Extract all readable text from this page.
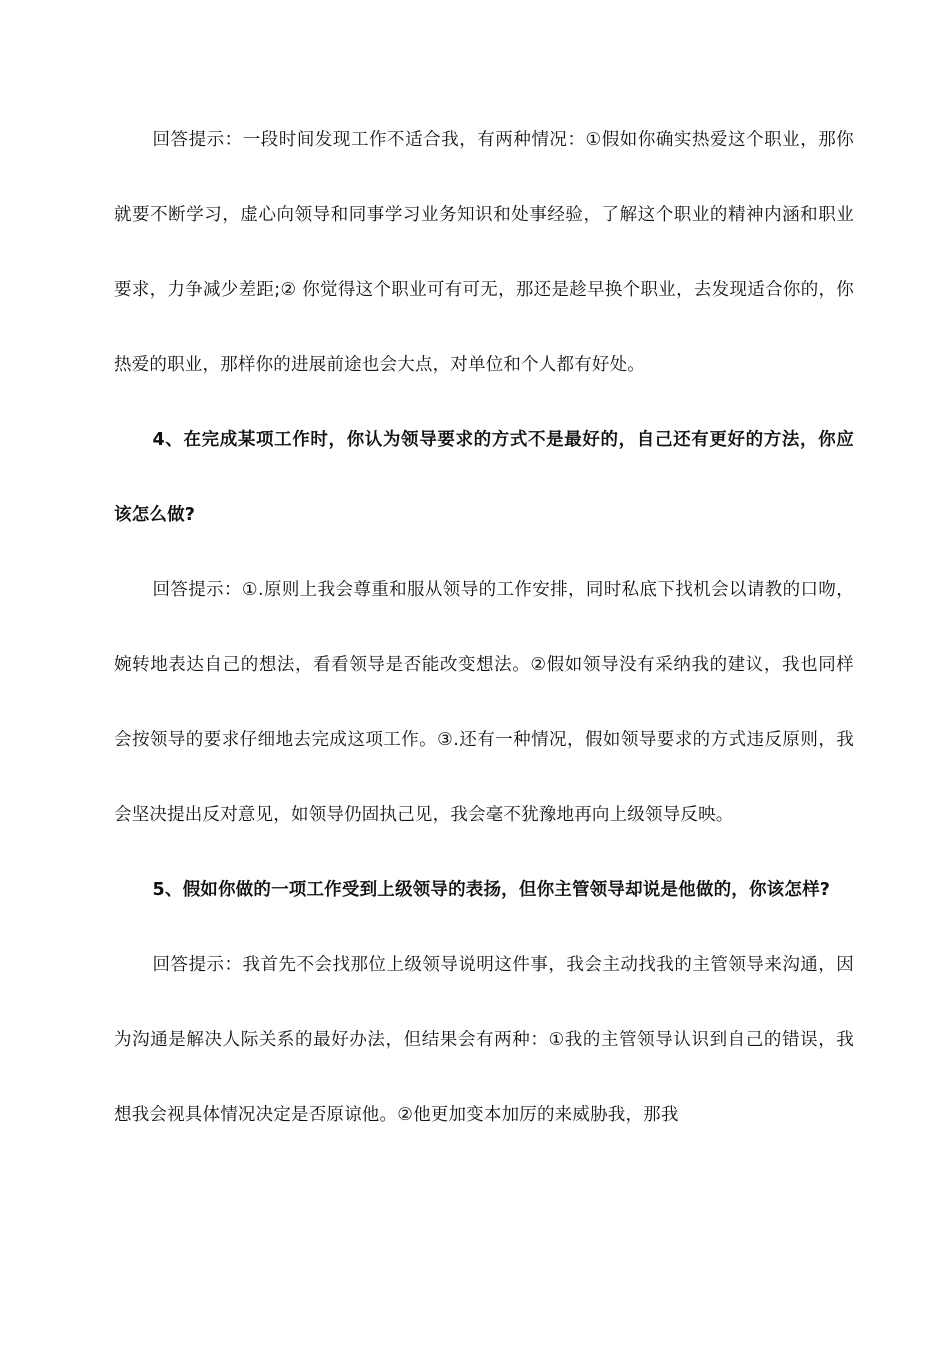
回答提示：一段时间发现工作不适合我，有两种情况：①假如你确实热爱这个职业，那你就要不断学习，虚心向领导和同事学习业务知识和处事经验，了解这个职业的精神内涵和职业要求，力争减少差距;② 你觉得这个职业可有可无，那还是趁早换个职业，去发现适合你的，你热爱的职业，那样你的进展前途也会大点，对单位和个人都有好处。

4、在完成某项工作时，你认为领导要求的方式不是最好的，自己还有更好的方法，你应该怎么做?

回答提示：①.原则上我会尊重和服从领导的工作安排，同时私底下找机会以请教的口吻，婉转地表达自己的想法，看看领导是否能改变想法。②假如领导没有采纳我的建议，我也同样会按领导的要求仔细地去完成这项工作。③.还有一种情况，假如领导要求的方式违反原则，我会坚决提出反对意见，如领导仍固执己见，我会毫不犹豫地再向上级领导反映。

5、假如你做的一项工作受到上级领导的表扬，但你主管领导却说是他做的，你该怎样?

回答提示：我首先不会找那位上级领导说明这件事，我会主动找我的主管领导来沟通，因为沟通是解决人际关系的最好办法，但结果会有两种：①我的主管领导认识到自己的错误，我想我会视具体情况决定是否原谅他。②他更加变本加厉的来威胁我，那我
